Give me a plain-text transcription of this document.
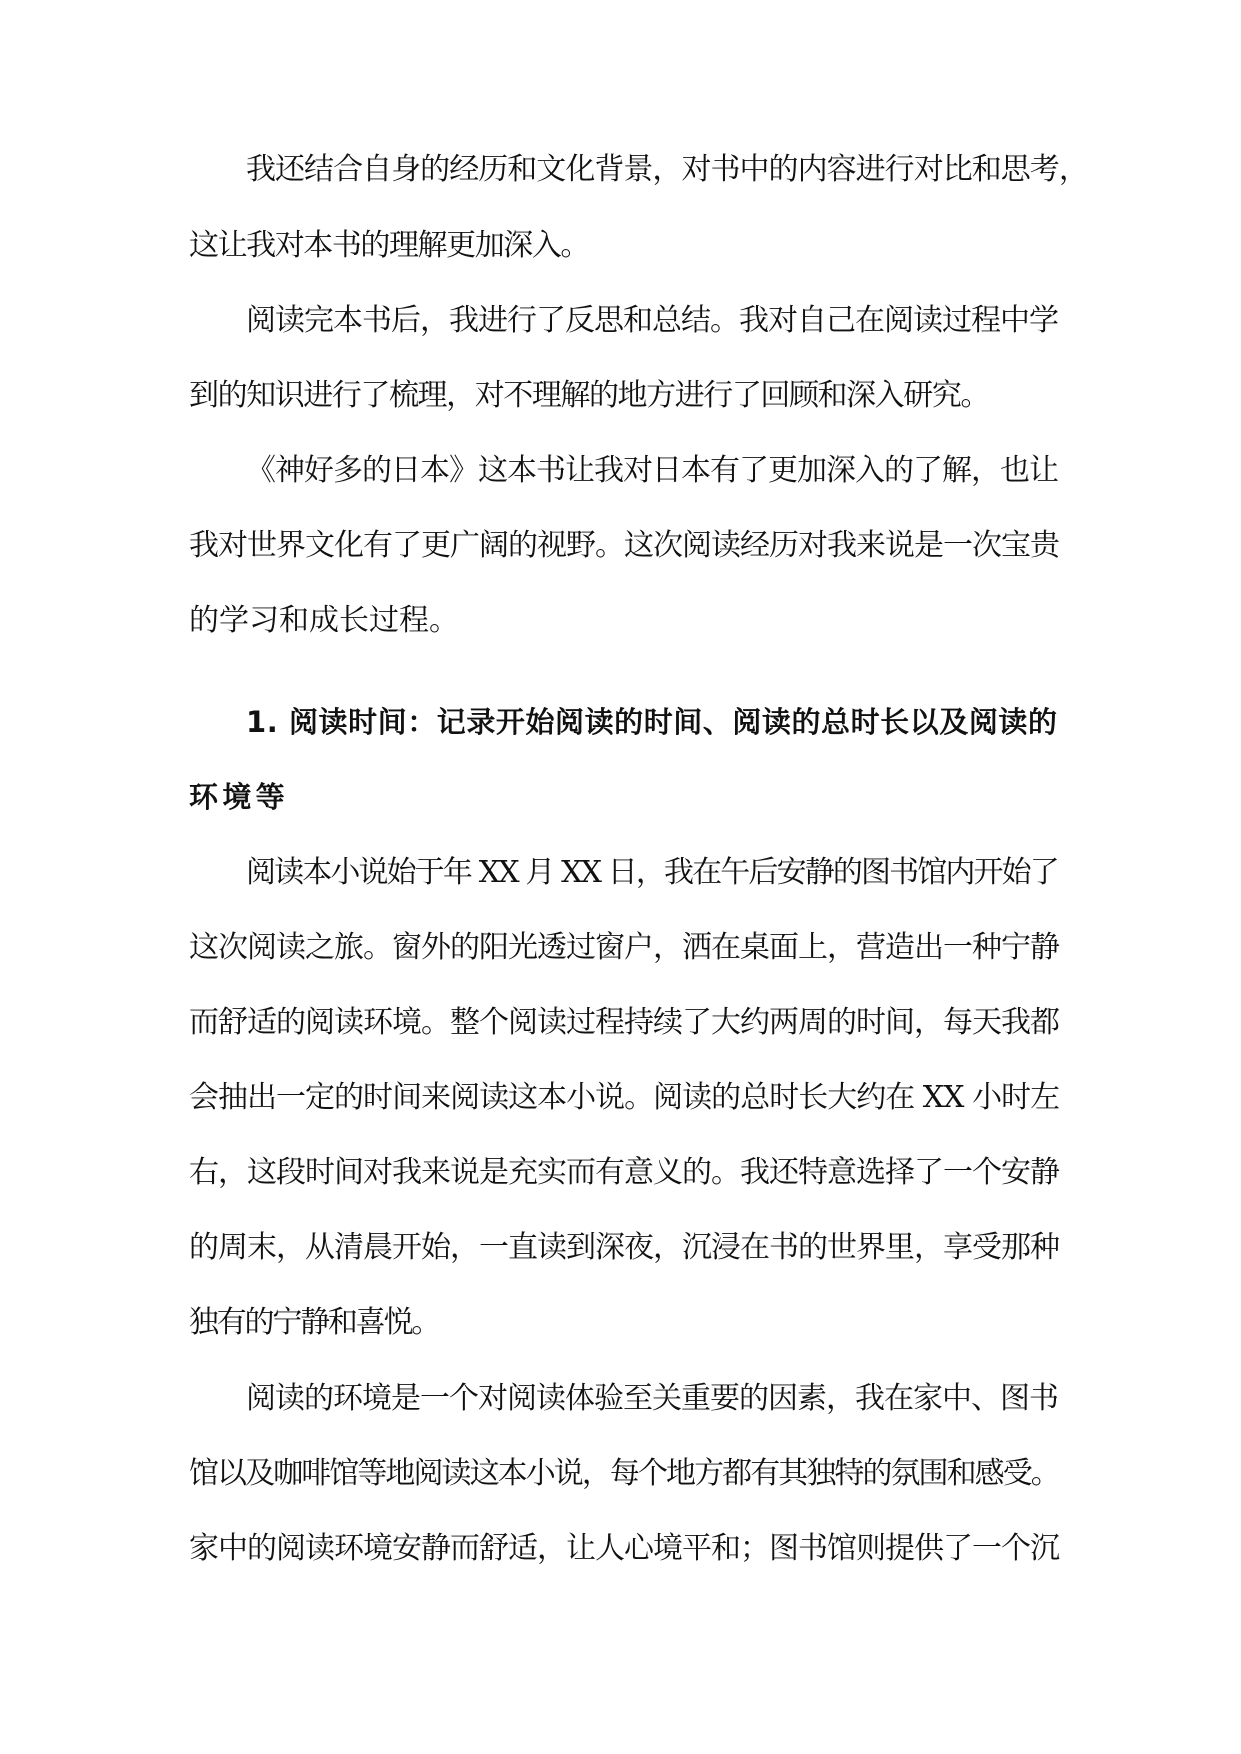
我还结合自身的经历和文化背景，对书中的内容进行对比和思考，
这让我对本书的理解更加深入。
阅读完本书后，我进行了反思和总结。我对自己在阅读过程中学
到的知识进行了梳理，对不理解的地方进行了回顾和深入研究。
《神好多的日本》这本书让我对日本有了更加深入的了解，也让
我对世界文化有了更广阔的视野。这次阅读经历对我来说是一次宝贵
的学习和成长过程。
1. 阅读时间：记录开始阅读的时间、阅读的总时长以及阅读的
环境等
阅读本小说始于年 XX 月 XX 日，我在午后安静的图书馆内开始了
这次阅读之旅。窗外的阳光透过窗户，洒在桌面上，营造出一种宁静
而舒适的阅读环境。整个阅读过程持续了大约两周的时间，每天我都
会抽出一定的时间来阅读这本小说。阅读的总时长大约在 XX 小时左
右，这段时间对我来说是充实而有意义的。我还特意选择了一个安静
的周末，从清晨开始，一直读到深夜，沉浸在书的世界里，享受那种
独有的宁静和喜悦。
阅读的环境是一个对阅读体验至关重要的因素，我在家中、图书
馆以及咖啡馆等地阅读这本小说，每个地方都有其独特的氛围和感受。
家中的阅读环境安静而舒适，让人心境平和；图书馆则提供了一个沉
